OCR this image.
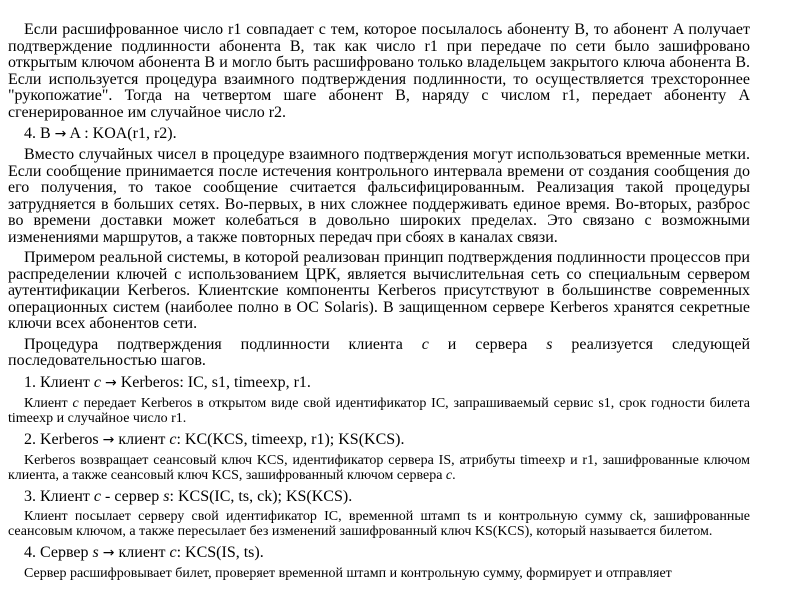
Если расшифрованное число r1 совпадает с тем, которое посылалось абоненту B, то абонент A получает подтверждение подлинности абонента B, так как число r1 при передаче по сети было зашифровано открытым ключом абонента B и могло быть расшифровано только владельцем закрытого ключа абонента B. Если используется процедура взаимного подтверждения подлинности, то осуществляется трехстороннее "рукопожатие". Тогда на четвертом шаге абонент B, наряду с числом r1, передает абоненту A сгенерированное им случайное число r2.

4. B → A : KOA(r1, r2).

Вместо случайных чисел в процедуре взаимного подтверждения могут использоваться временные метки. Если сообщение принимается после истечения контрольного интервала времени от создания сообщения до его получения, то такое сообщение считается фальсифицированным. Реализация такой процедуры затрудняется в больших сетях. Во-первых, в них сложнее поддерживать единое время. Во-вторых, разброс во времени доставки может колебаться в довольно широких пределах. Это связано с возможными изменениями маршрутов, а также повторных передач при сбоях в каналах связи.

Примером реальной системы, в которой реализован принцип подтверждения подлинности процессов при распределении ключей с использованием ЦРК, является вычислительная сеть со специальным сервером аутентификации Kerberos. Клиентские компоненты Kerberos присутствуют в большинстве современных операционных систем (наиболее полно в ОС Solaris). В защищенном сервере Kerberos хранятся секретные ключи всех абонентов сети.

Процедура подтверждения подлинности клиента c и сервера s реализуется следующей последовательностью шагов.

1. Клиент c → Kerberos: IC, s1, timeexp, r1.

Клиент c передает Kerberos в открытом виде свой идентификатор IC, запрашиваемый сервис s1, срок годности билета timeexp и случайное число r1.

2. Kerberos → клиент c: KC(KCS, timeexp, r1); KS(KCS).

Kerberos возвращает сеансовый ключ KCS, идентификатор сервера IS, атрибуты timeexp и r1, зашифрованные ключом клиента, а также сеансовый ключ KCS, зашифрованный ключом сервера c.

3. Клиент c - сервер s: KCS(IC, ts, ck); KS(KCS).

Клиент посылает серверу свой идентификатор IC, временной штамп ts и контрольную сумму ck, зашифрованные сеансовым ключом, а также пересылает без изменений зашифрованный ключ KS(KCS), который называется билетом.

4. Сервер s → клиент c: KCS(IS, ts).

Сервер расшифровывает билет, проверяет временной штамп и контрольную сумму, формирует и отправляет
